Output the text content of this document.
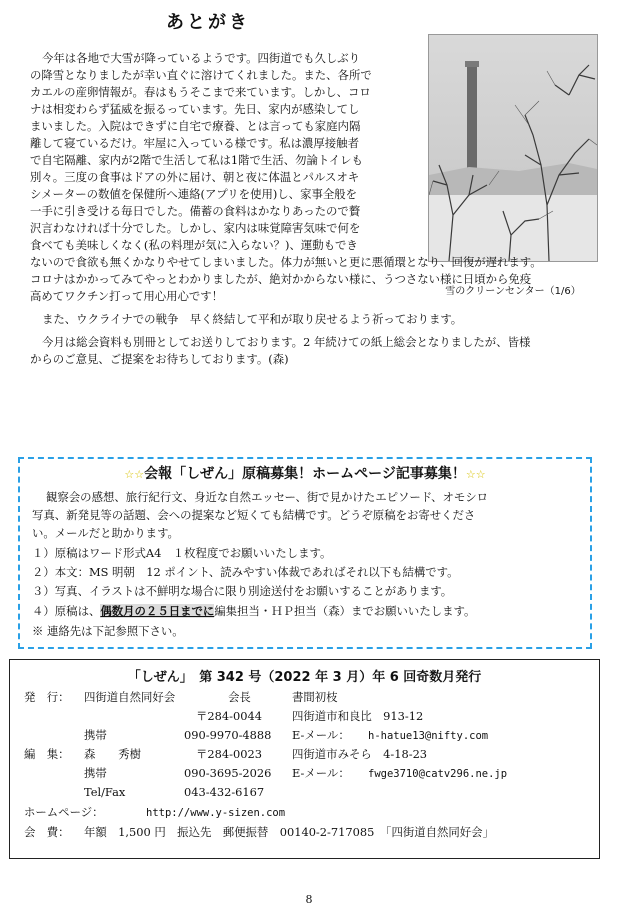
あとがき
雪のクリーンセンター（1/6）
今年は各地で大雪が降っているようです。四街道でも久しぶり
の降雪となりましたが幸い直ぐに溶けてくれました。また、各所で
カエルの産卵情報が。春はもうそこまで来ています。しかし、コロ
ナは相変わらず猛威を振るっています。先日、家内が感染してし
まいました。入院はできずに自宅で療養、とは言っても家庭内隔
離して寝ているだけ。牢屋に入っている様です。私は濃厚接触者
で自宅隔離、家内が2階で生活して私は1階で生活、勿論トイレも
別々。三度の食事はドアの外に届け、朝と夜に体温とパルスオキ
シメーターの数値を保健所へ連絡(アプリを使用)し、家事全般を
一手に引き受ける毎日でした。備蓄の食料はかなりあったので贅
沢言わなければ十分でした。しかし、家内は味覚障害気味で何を
食べても美味しくなく(私の料理が気に入らない？)、運動もでき
ないので食欲も無くかなりやせてしまいました。体力が無いと更に悪循環となり、回復が遅れます。
コロナはかかってみてやっとわかりましたが、絶対かからない様に、うつさない様に日頃から免疫
高めてワクチン打って用心用心です！
また、ウクライナでの戦争　早く終結して平和が取り戻せるよう祈っております。
今月は総会資料も別冊としてお送りしております。2 年続けての紙上総会となりましたが、皆様
からのご意見、ご提案をお待ちしております。(森)
☆☆会報「しぜん」原稿募集！ホームページ記事募集！☆☆
観察会の感想、旅行紀行文、身近な自然エッセー、街で見かけたエピソード、オモシロ
写真、新発見等の話題、会への提案など短くても結構です。どうぞ原稿をお寄せくださ
い。メールだと助かります。
１）原稿はワード形式A4　１枚程度でお願いいたします。
２）本文：MS 明朝　12 ポイント、読みやすい体裁であればそれ以下も結構です。
３）写真、イラストは不鮮明な場合に限り別途送付をお願いすることがあります。
４）原稿は、偶数月の２５日までに編集担当・ＨＰ担当（森）までお願いいたします。
※ 連絡先は下記参照下さい。
「しぜん」　第 342 号（2022 年 3 月）年 6 回奇数月発行
発　行： 四街道自然同好会	会長	書間初枝
〒284-0044	四街道市和良比　913-12
携帯	090-9970-4888 E-メール： h-hatue13@nifty.com
編　集： 森　　秀樹	〒284-0023	四街道市みそら　4-18-23
携帯	090-3695-2026 E-メール： fwge3710@catv296.ne.jp
Tel/Fax	043-432-6167
ホームページ：	http://www.y-sizen.com
会　費： 年額　1,500 円　振込先　郵便振替　00140-2-717085　「四街道自然同好会」
8
